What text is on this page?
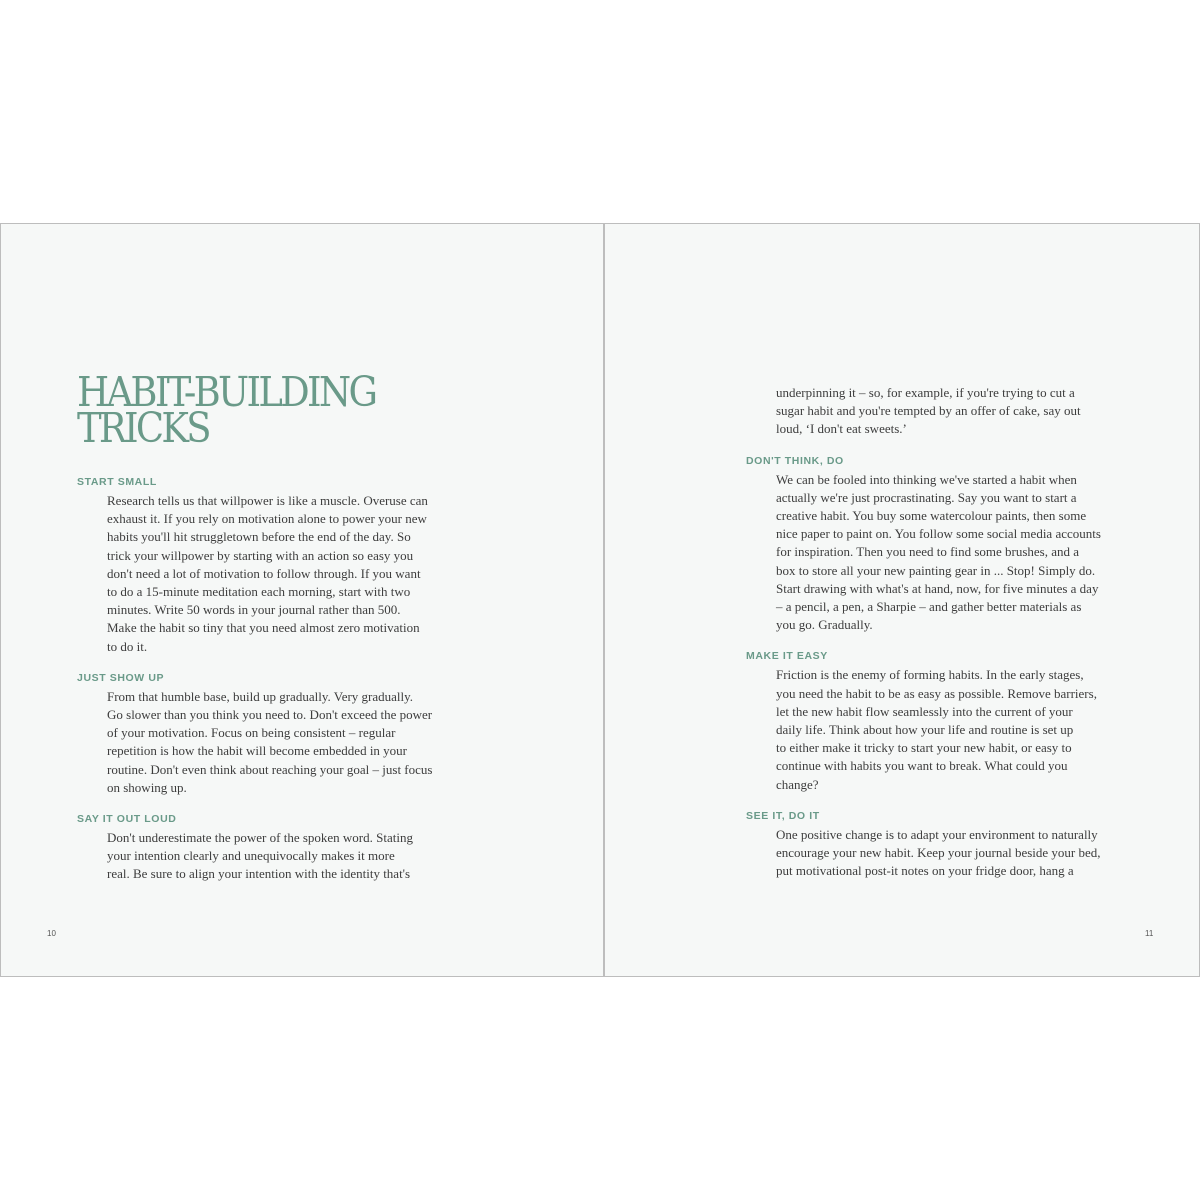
HABIT-BUILDING
TRICKS
START SMALL

Research tells us that willpower is like a muscle. Overuse can
exhaust it. If you rely on motivation alone to power your new
habits you'll hit struggletown before the end of the day. So
trick your willpower by starting with an action so easy you
don't need a lot of motivation to follow through. If you want
to do a 15-minute meditation each morning, start with two
minutes. Write 50 words in your journal rather than 500.
Make the habit so tiny that you need almost zero motivation
to do it.

JUST SHOW UP

From that humble base, build up gradually. Very gradually.
Go slower than you think you need to. Don't exceed the power
of your motivation. Focus on being consistent – regular
repetition is how the habit will become embedded in your
routine. Don't even think about reaching your goal – just focus
on showing up.

SAY IT OUT LOUD

Don't underestimate the power of the spoken word. Stating
your intention clearly and unequivocally makes it more
real. Be sure to align your intention with the identity that's

10

underpinning it – so, for example, if you're trying to cut a
sugar habit and you're tempted by an offer of cake, say out
loud, ‘I don't eat sweets.’

DON'T THINK, DO

We can be fooled into thinking we've started a habit when
actually we're just procrastinating. Say you want to start a
creative habit. You buy some watercolour paints, then some
nice paper to paint on. You follow some social media accounts
for inspiration. Then you need to find some brushes, and a
box to store all your new painting gear in ... Stop! Simply do.
Start drawing with what's at hand, now, for five minutes a day
– a pencil, a pen, a Sharpie – and gather better materials as
you go. Gradually.

MAKE IT EASY

Friction is the enemy of forming habits. In the early stages,
you need the habit to be as easy as possible. Remove barriers,
let the new habit flow seamlessly into the current of your
daily life. Think about how your life and routine is set up
to either make it tricky to start your new habit, or easy to
continue with habits you want to break. What could you
change?

SEE IT, DO IT

One positive change is to adapt your environment to naturally
encourage your new habit. Keep your journal beside your bed,
put motivational post-it notes on your fridge door, hang a

11
